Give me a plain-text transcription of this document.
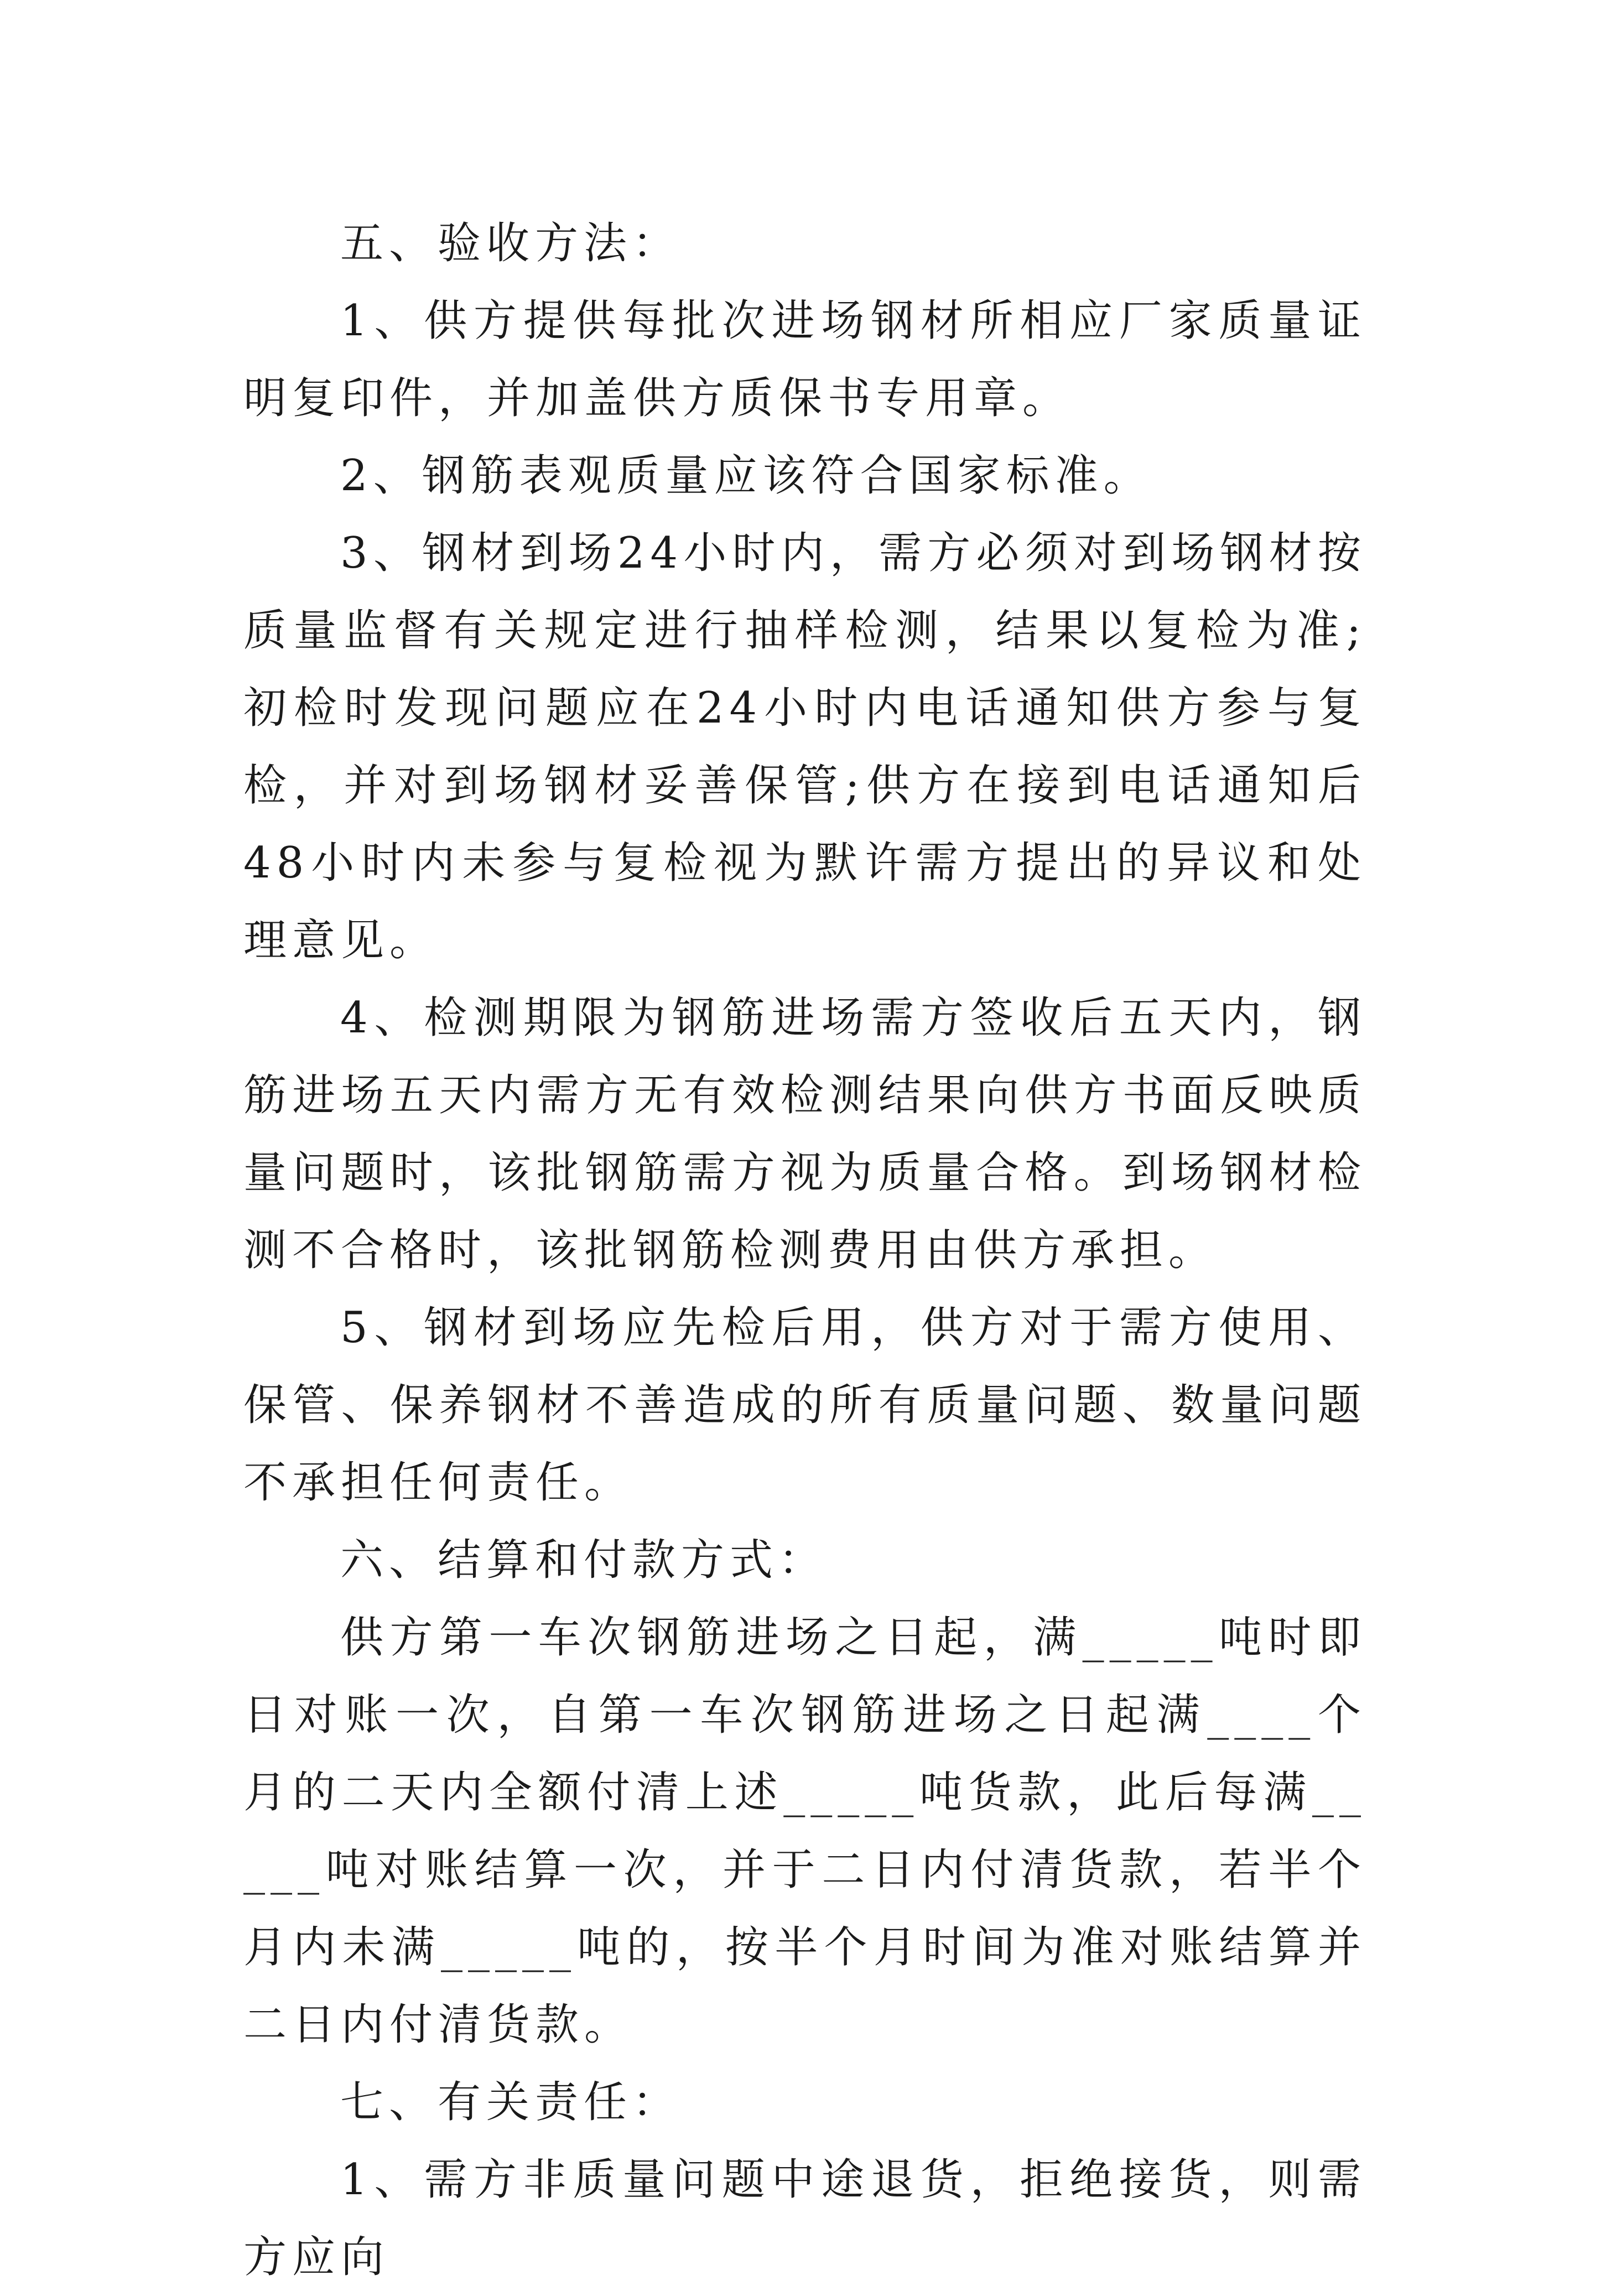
五、验收方法：

1、供方提供每批次进场钢材所相应厂家质量证明复印件，并加盖供方质保书专用章。

2、钢筋表观质量应该符合国家标准。

3、钢材到场24小时内，需方必须对到场钢材按质量监督有关规定进行抽样检测，结果以复检为准;初检时发现问题应在24小时内电话通知供方参与复检，并对到场钢材妥善保管;供方在接到电话通知后48小时内未参与复检视为默许需方提出的异议和处理意见。

4、检测期限为钢筋进场需方签收后五天内，钢筋进场五天内需方无有效检测结果向供方书面反映质量问题时，该批钢筋需方视为质量合格。到场钢材检测不合格时，该批钢筋检测费用由供方承担。

5、钢材到场应先检后用，供方对于需方使用、保管、保养钢材不善造成的所有质量问题、数量问题不承担任何责任。

六、结算和付款方式：

供方第一车次钢筋进场之日起，满_____吨时即日对账一次，自第一车次钢筋进场之日起满____个月的二天内全额付清上述_____吨货款，此后每满_____吨对账结算一次，并于二日内付清货款，若半个月内未满_____吨的，按半个月时间为准对账结算并二日内付清货款。

七、有关责任：

1、需方非质量问题中途退货，拒绝接货，则需方应向
